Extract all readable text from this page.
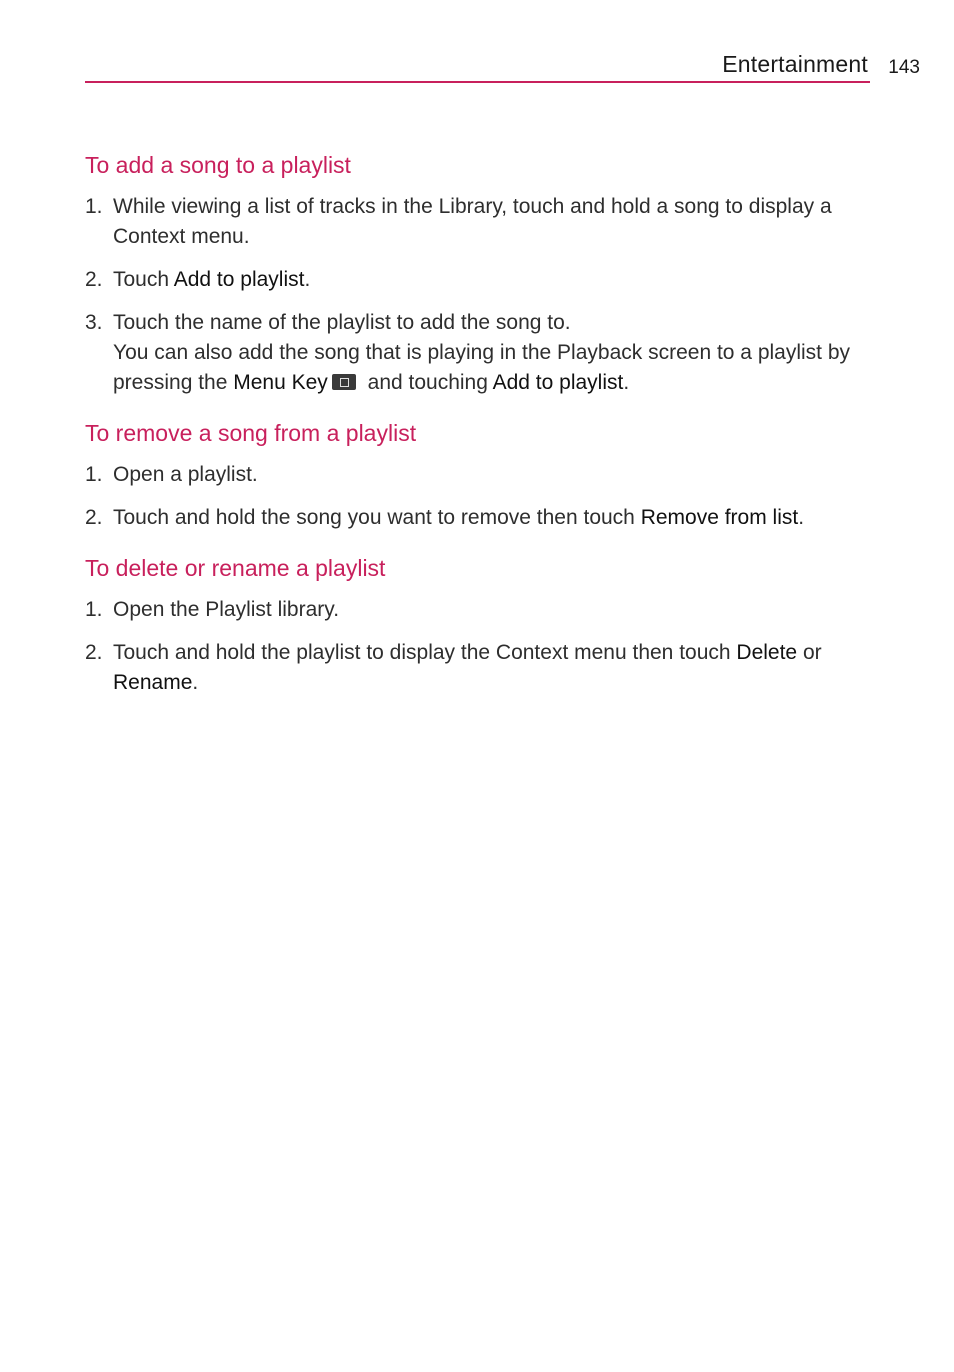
Entertainment 143
To add a song to a playlist
1. While viewing a list of tracks in the Library, touch and hold a song to display a Context menu.
2. Touch Add to playlist.
3. Touch the name of the playlist to add the song to.
You can also add the song that is playing in the Playback screen to a playlist by pressing the Menu Key and touching Add to playlist.
To remove a song from a playlist
1. Open a playlist.
2. Touch and hold the song you want to remove then touch Remove from list.
To delete or rename a playlist
1. Open the Playlist library.
2. Touch and hold the playlist to display the Context menu then touch Delete or Rename.
